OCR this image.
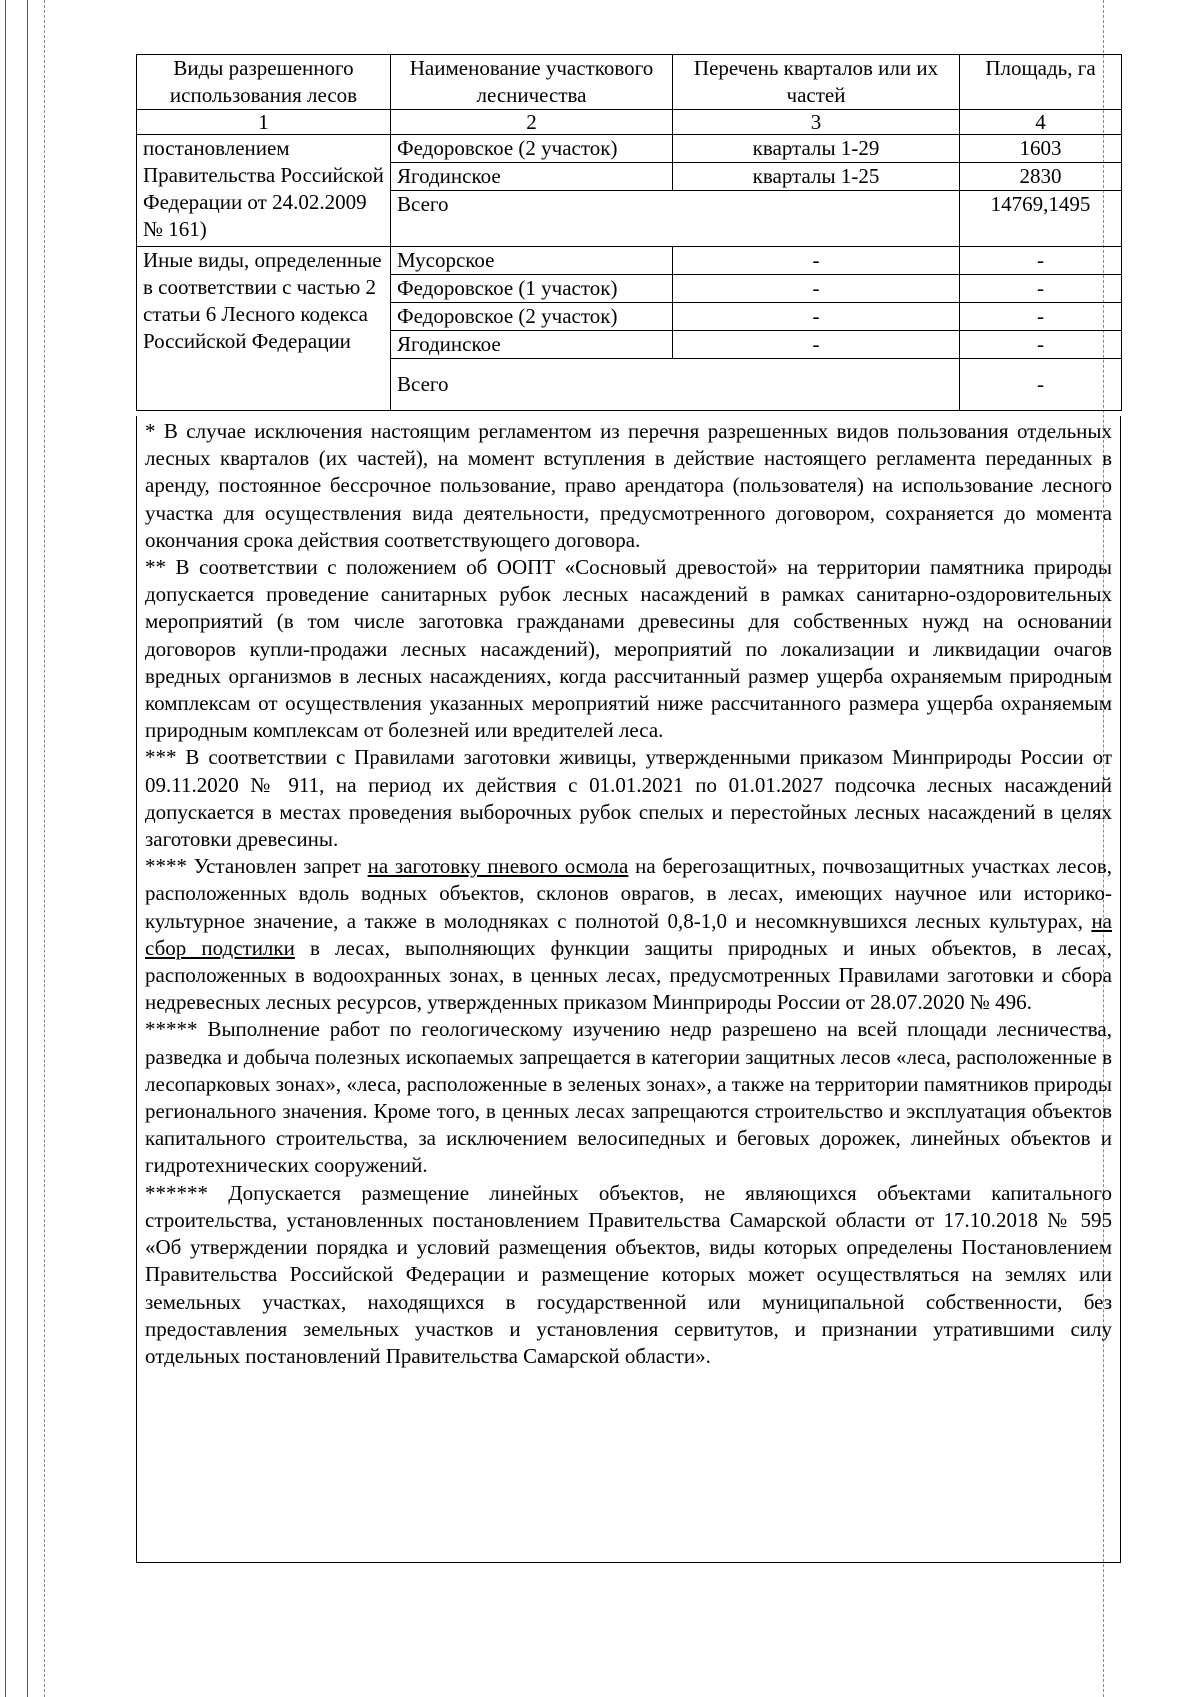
Виды разрешенного использования лесов	Наименование участкового лесничества	Перечень кварталов или их частей	Площадь, га
1	2	3	4
постановлением Правительства Российской Федерации от 24.02.2009 № 161)	Федоровское (2 участок)	кварталы 1-29	1603
	Ягодинское	кварталы 1-25	2830
	Всего		14769,1495
Иные виды, определенные в соответствии с частью 2 статьи 6 Лесного кодекса Российской Федерации	Мусорское	-	-
	Федоровское (1 участок)	-	-
	Федоровское (2 участок)	-	-
	Ягодинское	-	-
	Всего		-

* В случае исключения настоящим регламентом из перечня разрешенных видов пользования отдельных лесных кварталов (их частей), на момент вступления в действие настоящего регламента переданных в аренду, постоянное бессрочное пользование, право арендатора (пользователя) на использование лесного участка для осуществления вида деятельности, предусмотренного договором, сохраняется до момента окончания срока действия соответствующего договора.

** В соответствии с положением об ООПТ «Сосновый древостой» на территории памятника природы допускается проведение санитарных рубок лесных насаждений в рамках санитарно-оздоровительных мероприятий (в том числе заготовка гражданами древесины для собственных нужд на основании договоров купли-продажи лесных насаждений), мероприятий по локализации и ликвидации очагов вредных организмов в лесных насаждениях, когда рассчитанный размер ущерба охраняемым природным комплексам от осуществления указанных мероприятий ниже рассчитанного размера ущерба охраняемым природным комплексам от болезней или вредителей леса.

*** В соответствии с Правилами заготовки живицы, утвержденными приказом Минприроды России от 09.11.2020 № 911, на период их действия с 01.01.2021 по 01.01.2027 подсочка лесных насаждений допускается в местах проведения выборочных рубок спелых и перестойных лесных насаждений в целях заготовки древесины.

**** Установлен запрет на заготовку пневого осмола на берегозащитных, почвозащитных участках лесов, расположенных вдоль водных объектов, склонов оврагов, в лесах, имеющих научное или историко-культурное значение, а также в молодняках с полнотой 0,8-1,0 и несомкнувшихся лесных культурах, на сбор подстилки в лесах, выполняющих функции защиты природных и иных объектов, в лесах, расположенных в водоохранных зонах, в ценных лесах, предусмотренных Правилами заготовки и сбора недревесных лесных ресурсов, утвержденных приказом Минприроды России от 28.07.2020 № 496.

***** Выполнение работ по геологическому изучению недр разрешено на всей площади лесничества, разведка и добыча полезных ископаемых запрещается в категории защитных лесов «леса, расположенные в лесопарковых зонах», «леса, расположенные в зеленых зонах», а также на территории памятников природы регионального значения. Кроме того, в ценных лесах запрещаются строительство и эксплуатация объектов капитального строительства, за исключением велосипедных и беговых дорожек, линейных объектов и гидротехнических сооружений.

****** Допускается размещение линейных объектов, не являющихся объектами капитального строительства, установленных постановлением Правительства Самарской области от 17.10.2018 № 595 «Об утверждении порядка и условий размещения объектов, виды которых определены Постановлением Правительства Российской Федерации и размещение которых может осуществляться на землях или земельных участках, находящихся в государственной или муниципальной собственности, без предоставления земельных участков и установления сервитутов, и признании утратившими силу отдельных постановлений Правительства Самарской области».
